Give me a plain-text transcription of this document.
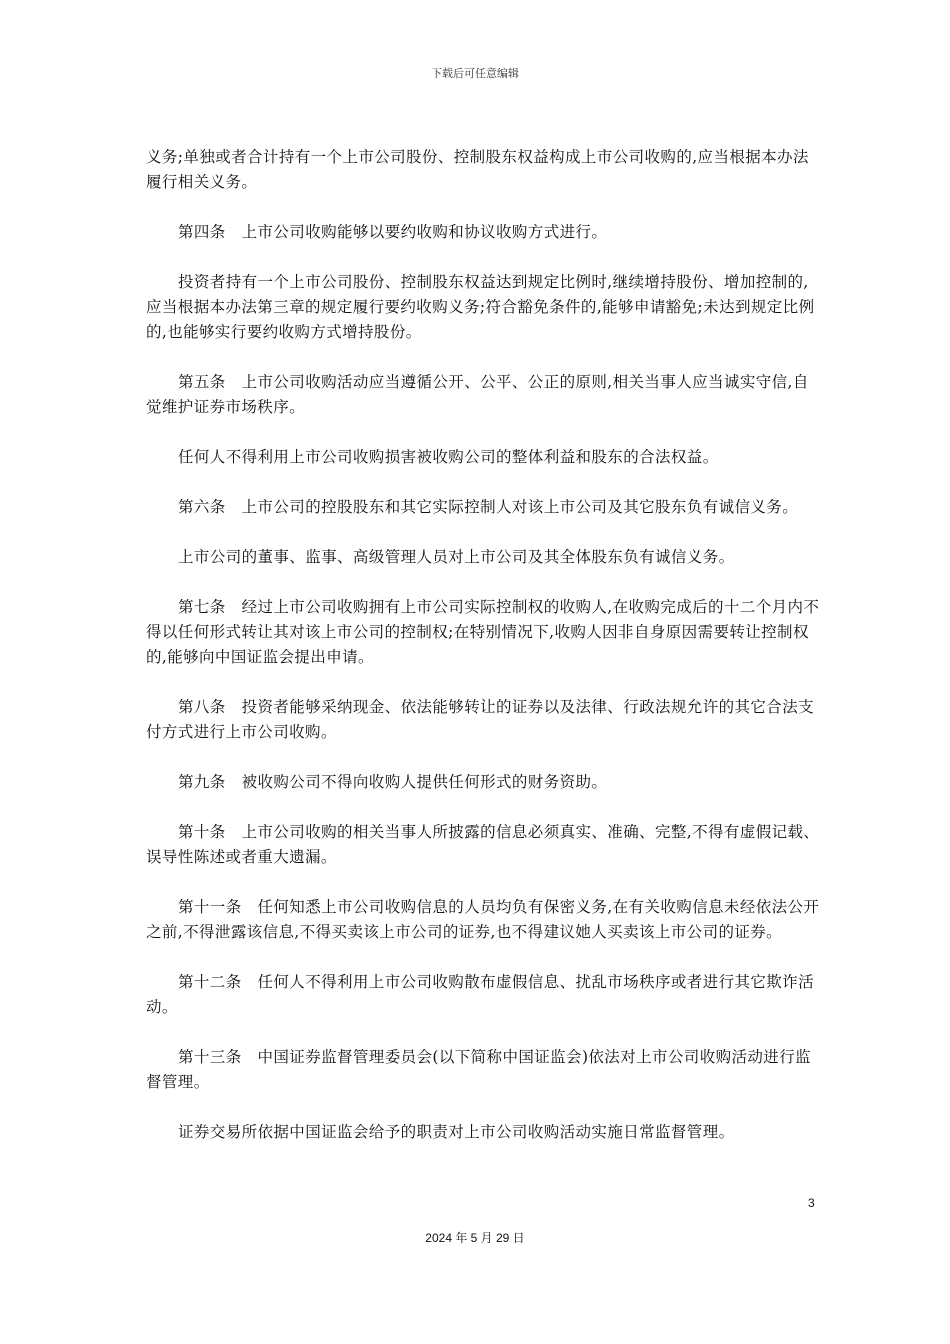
下载后可任意编辑

义务;单独或者合计持有一个上市公司股份、控制股东权益构成上市公司收购的,应当根据本办法履行相关义务。

第四条　上市公司收购能够以要约收购和协议收购方式进行。

投资者持有一个上市公司股份、控制股东权益达到规定比例时,继续增持股份、增加控制的,应当根据本办法第三章的规定履行要约收购义务;符合豁免条件的,能够申请豁免;未达到规定比例的,也能够实行要约收购方式增持股份。

第五条　上市公司收购活动应当遵循公开、公平、公正的原则,相关当事人应当诚实守信,自觉维护证券市场秩序。

任何人不得利用上市公司收购损害被收购公司的整体利益和股东的合法权益。

第六条　上市公司的控股股东和其它实际控制人对该上市公司及其它股东负有诚信义务。

上市公司的董事、监事、高级管理人员对上市公司及其全体股东负有诚信义务。

第七条　经过上市公司收购拥有上市公司实际控制权的收购人,在收购完成后的十二个月内不得以任何形式转让其对该上市公司的控制权;在特别情况下,收购人因非自身原因需要转让控制权的,能够向中国证监会提出申请。

第八条　投资者能够采纳现金、依法能够转让的证券以及法律、行政法规允许的其它合法支付方式进行上市公司收购。

第九条　被收购公司不得向收购人提供任何形式的财务资助。

第十条　上市公司收购的相关当事人所披露的信息必须真实、准确、完整,不得有虚假记载、误导性陈述或者重大遗漏。

第十一条　任何知悉上市公司收购信息的人员均负有保密义务,在有关收购信息未经依法公开之前,不得泄露该信息,不得买卖该上市公司的证券,也不得建议她人买卖该上市公司的证券。

第十二条　任何人不得利用上市公司收购散布虚假信息、扰乱市场秩序或者进行其它欺诈活动。

第十三条　中国证券监督管理委员会(以下简称中国证监会)依法对上市公司收购活动进行监督管理。

证券交易所依据中国证监会给予的职责对上市公司收购活动实施日常监督管理。

3
2024 年 5 月 29 日
